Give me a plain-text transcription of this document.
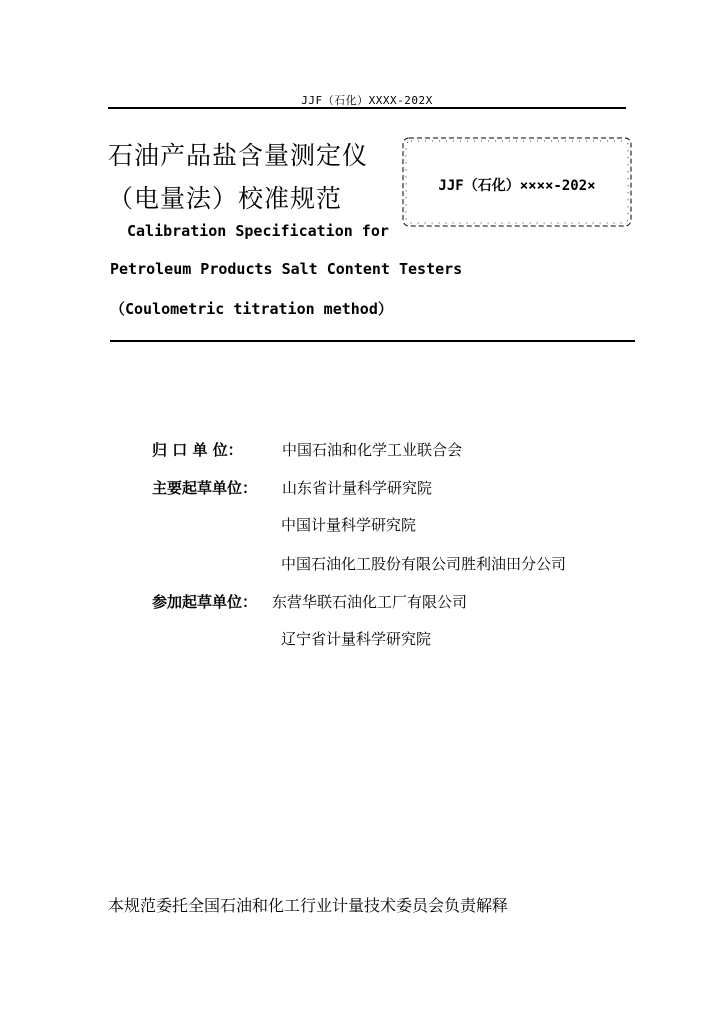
JJF（石化）XXXX-202X
石油产品盐含量测定仪
（电量法）校准规范	JJF（石化）××××-202×
Calibration Specification for
Petroleum Products Salt Content Testers
（Coulometric titration method）
归 口 单 位：	中国石油和化学工业联合会
主要起草单位： 山东省计量科学研究院
中国计量科学研究院
中国石油化工股份有限公司胜利油田分公司
参加起草单位： 东营华联石油化工厂有限公司
辽宁省计量科学研究院
本规范委托全国石油和化工行业计量技术委员会负责解释
